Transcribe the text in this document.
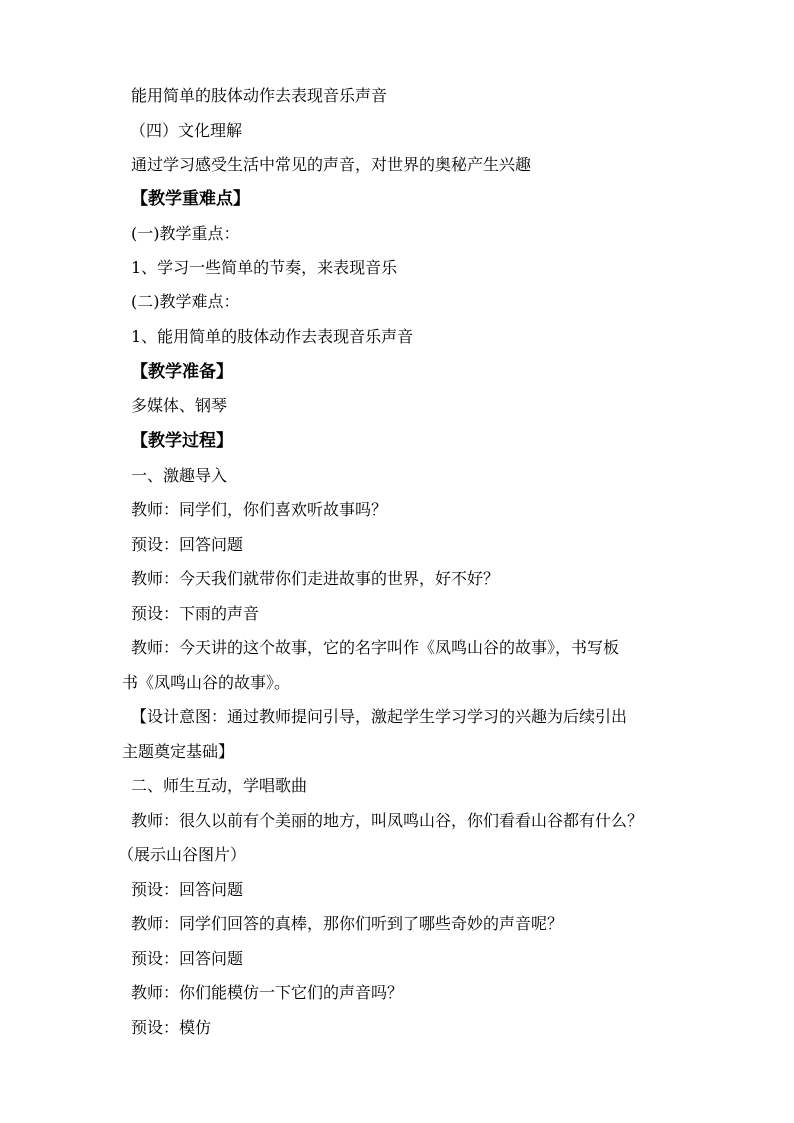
能用简单的肢体动作去表现音乐声音
（四）文化理解
通过学习感受生活中常见的声音，对世界的奥秘产生兴趣
【教学重难点】
(一)教学重点：
1、学习一些简单的节奏，来表现音乐
(二)教学难点：
1、能用简单的肢体动作去表现音乐声音
【教学准备】
多媒体、钢琴
【教学过程】
一、激趣导入
教师：同学们，你们喜欢听故事吗？
预设：回答问题
教师：今天我们就带你们走进故事的世界，好不好？
预设：下雨的声音
教师：今天讲的这个故事，它的名字叫作《凤鸣山谷的故事》，书写板
书《凤鸣山谷的故事》。
【设计意图：通过教师提问引导，激起学生学习学习的兴趣为后续引出
主题奠定基础】
二、师生互动，学唱歌曲
教师：很久以前有个美丽的地方，叫凤鸣山谷，你们看看山谷都有什么？
（展示山谷图片）
预设：回答问题
教师：同学们回答的真棒，那你们听到了哪些奇妙的声音呢？
预设：回答问题
教师：你们能模仿一下它们的声音吗？
预设：模仿
